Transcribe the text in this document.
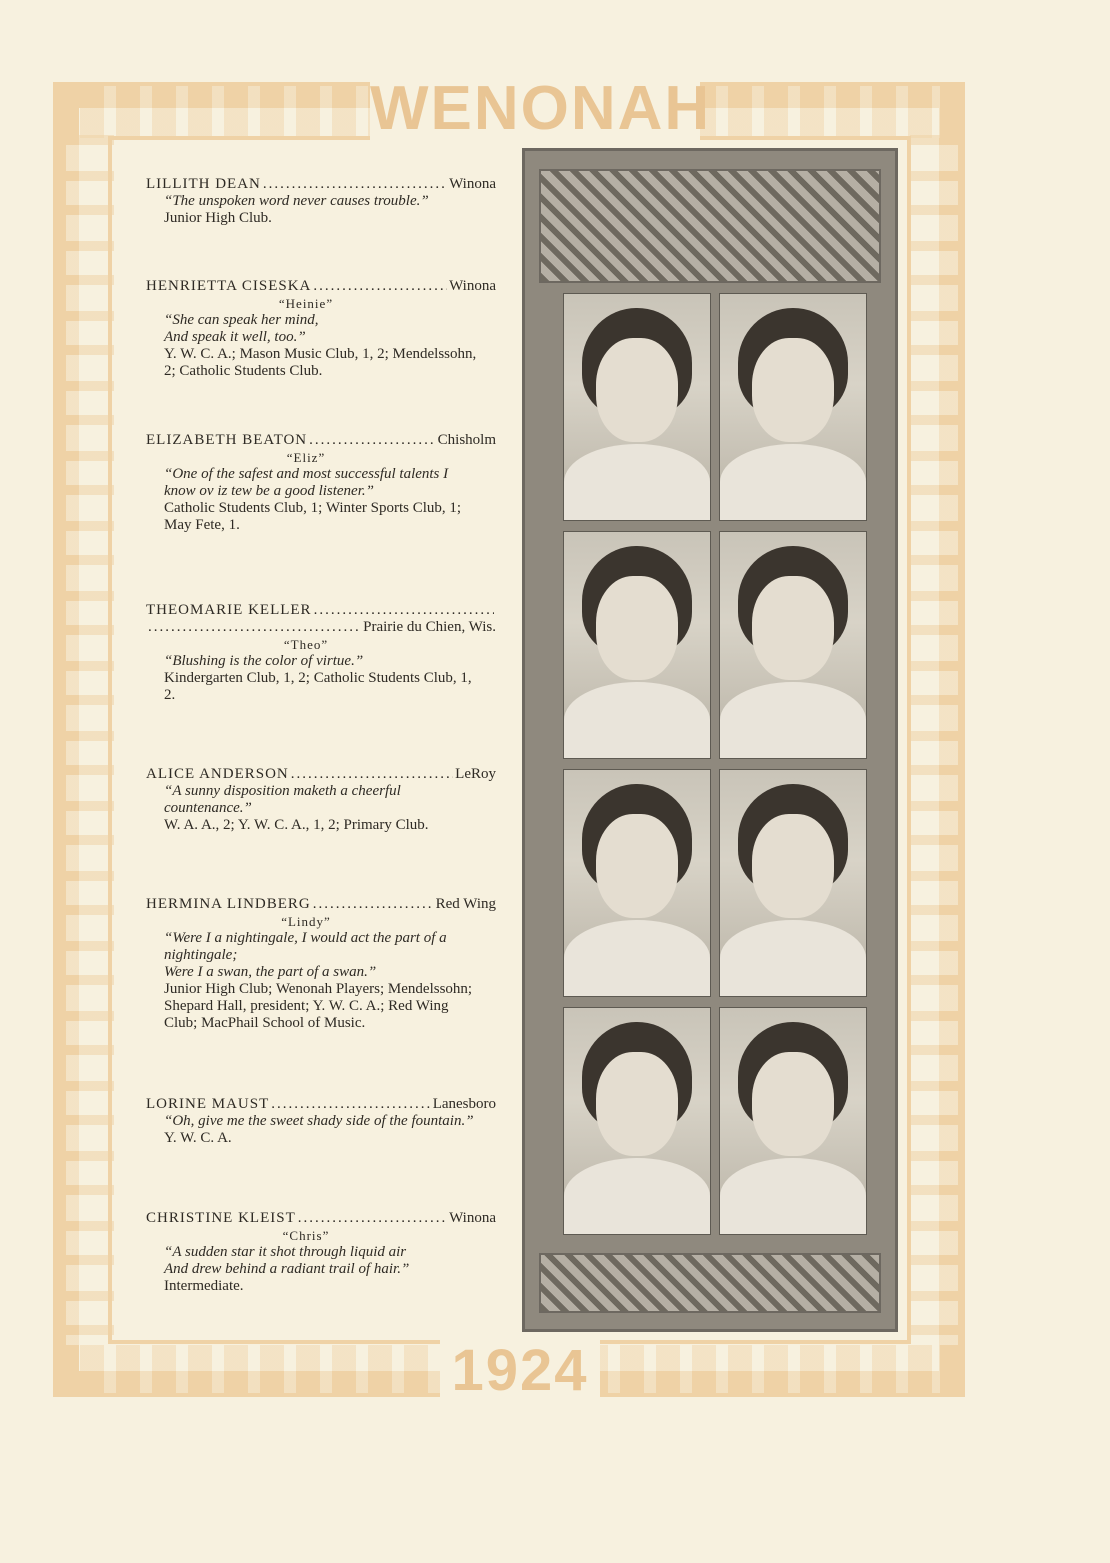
WENONAH
1924
LILLITH DEAN .....	Winona
“The unspoken word never causes trouble.”
Junior High Club.
HENRIETTA CISESKA .....	Winona
“Heinie”
“She can speak her mind,
And speak it well, too.”
Y. W. C. A.; Mason Music Club, 1, 2; Mendelssohn, 2; Catholic Students Club.
ELIZABETH BEATON .....	Chisholm
“Eliz”
“One of the safest and most successful talents I know ov iz tew be a good listener.”
Catholic Students Club, 1; Winter Sports Club, 1; May Fete, 1.
THEOMARIE KELLER
.....
.....
Prairie du Chien, Wis.
“Theo”
“Blushing is the color of virtue.”
Kindergarten Club, 1, 2; Catholic Students Club, 1, 2.
ALICE ANDERSON .....	LeRoy
“A sunny disposition maketh a cheerful countenance.”
W. A. A., 2; Y. W. C. A., 1, 2; Primary Club.
HERMINA LINDBERG .....	Red Wing
“Lindy”
“Were I a nightingale, I would act the part of a nightingale;
Were I a swan, the part of a swan.”
Junior High Club; Wenonah Players; Mendelssohn; Shepard Hall, president; Y. W. C. A.; Red Wing Club; MacPhail School of Music.
LORINE MAUST .....	Lanesboro
“Oh, give me the sweet shady side of the fountain.”
Y. W. C. A.
CHRISTINE KLEIST .....	Winona
“Chris”
“A sudden star it shot through liquid air
And drew behind a radiant trail of hair.”
Intermediate.
